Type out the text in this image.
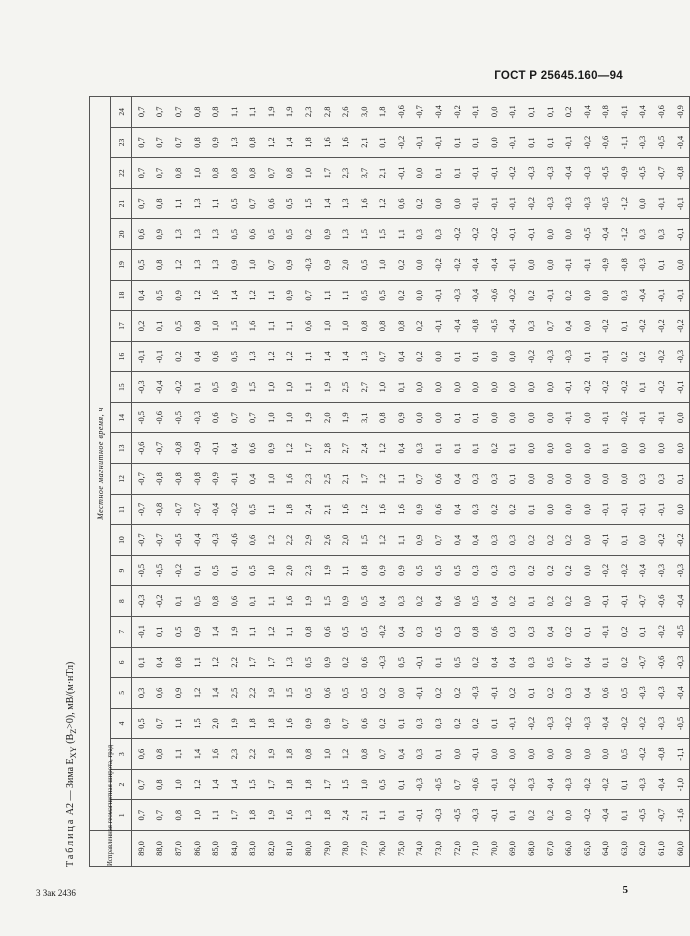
ГОСТ Р 25645.160—94
Таблица А2 — Зима $E_{XY}$ $(B_Z>0)$, мВ/(м·нТл)
Исправленная геомагнитная широта, град	Местное магнитное время, ч																							
	1	2	3	4	5	6	7	8	9	10	11	12	13	14	15	16	17	18	19	20	21	22	23	24
89,0	0,7	0,7	0,6	0,5	0,3	0,1	-0,1	-0,3	-0,5	-0,7	-0,7	-0,7	-0,6	-0,5	-0,3	-0,1	0,2	0,4	0,5	0,6	0,7	0,7	0,7	0,7
88,0	0,7	0,8	0,8	0,7	0,6	0,4	0,1	-0,2	-0,5	-0,7	-0,8	-0,8	-0,7	-0,6	-0,4	-0,1	0,1	0,5	0,8	0,9	0,8	0,7	0,7	0,7
87,0	0,8	1,0	1,1	1,1	0,9	0,8	0,5	0,1	-0,2	-0,5	-0,7	-0,8	-0,8	-0,5	-0,2	0,2	0,5	0,9	1,2	1,3	1,1	0,8	0,7	0,7
86,0	1,0	1,2	1,4	1,5	1,2	1,1	0,9	0,5	0,1	-0,4	-0,7	-0,8	-0,9	-0,3	0,1	0,4	0,8	1,2	1,3	1,3	1,3	1,0	0,8	0,8
85,0	1,1	1,4	1,6	2,0	1,4	1,2	1,4	0,8	0,5	-0,3	-0,4	-0,9	-0,1	0,6	0,5	0,6	1,0	1,6	1,3	1,3	1,1	0,8	0,9	0,8
84,0	1,7	1,4	2,3	1,9	2,5	2,2	1,9	0,6	0,1	-0,6	-0,2	-0,1	0,4	0,7	0,9	0,5	1,5	1,4	0,9	0,5	0,5	0,8	1,3	1,1
83,0	1,8	1,5	2,2	1,8	2,2	1,7	1,1	0,1	0,5	0,6	0,5	0,4	0,6	0,7	1,5	1,3	1,6	1,2	1,0	0,6	0,7	0,8	0,8	1,1
82,0	1,9	1,7	1,9	1,8	1,9	1,7	1,2	1,1	1,0	1,2	1,1	1,0	0,9	1,0	1,0	1,2	1,1	1,1	0,7	0,5	0,6	0,7	1,2	1,9
81,0	1,6	1,8	1,8	1,6	1,5	1,3	1,1	1,6	2,0	2,2	1,8	1,6	1,2	1,0	1,0	1,2	1,1	0,9	0,9	0,5	0,5	0,8	1,4	1,9
80,0	1,3	1,8	0,8	0,9	0,5	0,5	0,8	1,9	2,3	2,9	2,4	2,3	1,7	1,9	1,1	1,1	0,6	0,7	-0,3	0,2	1,5	1,0	1,8	2,3
79,0	1,8	1,7	1,0	0,9	0,6	0,9	0,6	1,5	1,9	2,6	2,1	2,5	2,8	2,0	1,9	1,4	1,0	1,1	0,9	0,9	1,4	1,7	1,6	2,8
78,0	2,4	1,5	1,2	0,7	0,5	0,2	0,5	0,9	1,1	2,0	1,6	2,1	2,7	1,9	2,5	1,4	1,0	1,1	2,0	1,3	1,3	2,3	1,6	2,6
77,0	2,1	1,0	0,8	0,6	0,5	0,6	0,5	0,5	0,8	1,5	1,2	1,7	2,4	3,1	2,7	1,3	0,8	0,5	0,5	1,5	1,6	3,7	2,1	3,0
76,0	1,1	0,5	0,7	0,2	0,2	-0,3	-0,2	0,4	0,9	1,2	1,6	1,2	1,2	0,8	1,0	0,7	0,8	0,5	1,0	1,5	1,2	2,1	0,1	1,8
75,0	0,1	0,1	0,4	0,1	0,0	0,5	0,4	0,3	0,9	1,1	1,6	1,1	0,4	0,9	0,1	0,4	0,8	0,2	0,2	1,1	0,6	-0,1	-0,2	-0,6
74,0	-0,1	-0,3	0,3	0,3	-0,1	-0,1	0,3	0,2	0,5	0,9	0,9	0,7	0,3	0,0	0,0	0,2	0,2	0,0	0,0	0,3	0,2	0,0	-0,1	-0,7
73,0	-0,3	-0,5	0,1	0,3	0,2	0,1	0,5	0,4	0,5	0,7	0,6	0,6	0,1	0,0	0,0	0,0	-0,1	-0,1	-0,2	0,3	0,0	0,1	-0,1	-0,4
72,0	-0,5	0,7	0,0	0,2	0,2	0,5	0,3	0,6	0,5	0,4	0,4	0,4	0,1	0,1	0,0	0,1	-0,4	-0,3	-0,2	-0,2	0,0	0,1	0,1	-0,2
71,0	-0,3	-0,6	-0,1	0,2	-0,3	0,2	0,8	0,5	0,3	0,4	0,3	0,3	0,1	0,1	0,0	0,1	-0,8	-0,4	-0,4	-0,2	-0,1	-0,1	0,1	-0,1
70,0	-0,1	-0,1	0,0	0,1	-0,1	0,4	0,6	0,4	0,3	0,3	0,2	0,3	0,2	0,0	0,0	0,0	-0,5	-0,6	-0,4	-0,2	-0,1	-0,1	0,0	0,0
69,0	0,1	-0,2	0,0	-0,1	0,2	0,4	0,3	0,2	0,3	0,3	0,2	0,1	0,1	0,0	0,0	0,0	-0,4	-0,2	-0,1	-0,1	-0,1	-0,2	-0,1	-0,1
68,0	0,2	-0,3	0,0	-0,2	0,1	0,3	0,3	0,1	0,2	0,2	0,1	0,0	0,0	0,0	0,0	-0,2	0,3	0,2	0,0	-0,1	-0,2	-0,3	0,1	0,1
67,0	0,2	-0,4	0,0	-0,3	0,2	0,5	0,4	0,2	0,2	0,2	0,0	0,0	0,0	0,0	0,0	-0,3	0,7	-0,1	0,0	0,0	-0,3	-0,3	0,1	0,1
66,0	0,0	-0,3	0,0	-0,2	0,3	0,7	0,2	0,2	0,2	0,2	0,0	0,0	0,0	-0,1	-0,1	-0,3	0,4	0,2	-0,1	0,0	-0,3	-0,4	-0,1	0,2
65,0	-0,2	-0,2	0,0	-0,3	0,4	0,4	0,1	0,0	0,0	0,0	0,0	0,0	0,0	0,0	-0,2	0,1	0,0	0,0	-0,1	-0,5	-0,3	-0,3	-0,2	-0,4
64,0	-0,4	-0,2	0,0	-0,4	0,6	0,1	-0,1	-0,1	-0,2	-0,1	-0,1	0,0	0,1	-0,1	-0,2	-0,1	-0,2	0,0	-0,9	-0,4	-0,5	-0,5	-0,6	-0,8
63,0	0,1	0,1	0,5	-0,2	0,5	0,2	0,2	-0,1	-0,2	0,1	-0,1	0,0	0,0	-0,2	-0,2	0,2	0,1	0,3	-0,8	-1,2	-1,2	-0,9	-1,1	-0,1
62,0	-0,5	-0,3	-0,2	-0,2	-0,3	-0,7	0,1	-0,7	-0,4	0,0	-0,1	0,3	0,0	-0,1	0,1	0,2	-0,2	-0,4	-0,3	0,3	0,0	-0,5	-0,3	-0,4
61,0	-0,7	-0,4	-0,8	-0,3	-0,3	-0,6	-0,2	-0,6	-0,3	-0,2	-0,1	0,3	0,0	-0,1	-0,2	-0,2	-0,2	-0,1	0,1	0,3	-0,1	-0,7	-0,5	-0,6
60,0	-1,6	-1,0	-1,1	-0,5	-0,4	-0,3	-0,5	-0,4	-0,3	-0,2	0,0	0,1	0,0	0,0	-0,1	-0,3	-0,2	-0,1	0,0	-0,1	-0,1	-0,8	-0,4	-0,9
3 Зак 2436	5
